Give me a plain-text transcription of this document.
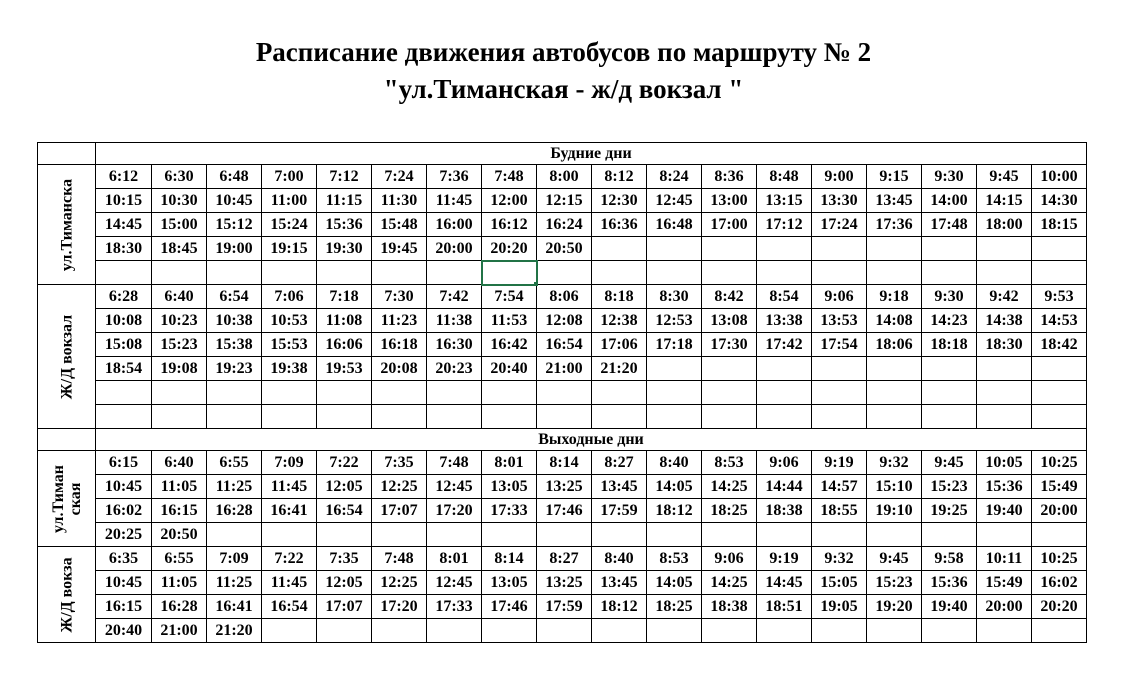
Расписание движения автобусов по маршруту № 2
"ул.Тиманская - ж/д вокзал "
	Будние дни																	

ул.Тиманска	6:12	6:30	6:48	7:00	7:12	7:24	7:36	7:48	8:00	8:12	8:24	8:36	8:48	9:00	9:15	9:30	9:45	10:00
	10:15	10:30	10:45	11:00	11:15	11:30	11:45	12:00	12:15	12:30	12:45	13:00	13:15	13:30	13:45	14:00	14:15	14:30
	14:45	15:00	15:12	15:24	15:36	15:48	16:00	16:12	16:24	16:36	16:48	17:00	17:12	17:24	17:36	17:48	18:00	18:15
	18:30	18:45	19:00	19:15	19:30	19:45	20:00	20:20	20:50									

Ж/Д вокзал	6:28	6:40	6:54	7:06	7:18	7:30	7:42	7:54	8:06	8:18	8:30	8:42	8:54	9:06	9:18	9:30	9:42	9:53
	10:08	10:23	10:38	10:53	11:08	11:23	11:38	11:53	12:08	12:38	12:53	13:08	13:38	13:53	14:08	14:23	14:38	14:53
	15:08	15:23	15:38	15:53	16:06	16:18	16:30	16:42	16:54	17:06	17:18	17:30	17:42	17:54	18:06	18:18	18:30	18:42
	18:54	19:08	19:23	19:38	19:53	20:08	20:23	20:40	21:00	21:20								

	Выходные дни																	

ул.Тиман ская	6:15	6:40	6:55	7:09	7:22	7:35	7:48	8:01	8:14	8:27	8:40	8:53	9:06	9:19	9:32	9:45	10:05	10:25
	10:45	11:05	11:25	11:45	12:05	12:25	12:45	13:05	13:25	13:45	14:05	14:25	14:44	14:57	15:10	15:23	15:36	15:49
	16:02	16:15	16:28	16:41	16:54	17:07	17:20	17:33	17:46	17:59	18:12	18:25	18:38	18:55	19:10	19:25	19:40	20:00
	20:25	20:50																

Ж/Д вокза	6:35	6:55	7:09	7:22	7:35	7:48	8:01	8:14	8:27	8:40	8:53	9:06	9:19	9:32	9:45	9:58	10:11	10:25
	10:45	11:05	11:25	11:45	12:05	12:25	12:45	13:05	13:25	13:45	14:05	14:25	14:45	15:05	15:23	15:36	15:49	16:02
	16:15	16:28	16:41	16:54	17:07	17:20	17:33	17:46	17:59	18:12	18:25	18:38	18:51	19:05	19:20	19:40	20:00	20:20
	20:40	21:00	21:20															
